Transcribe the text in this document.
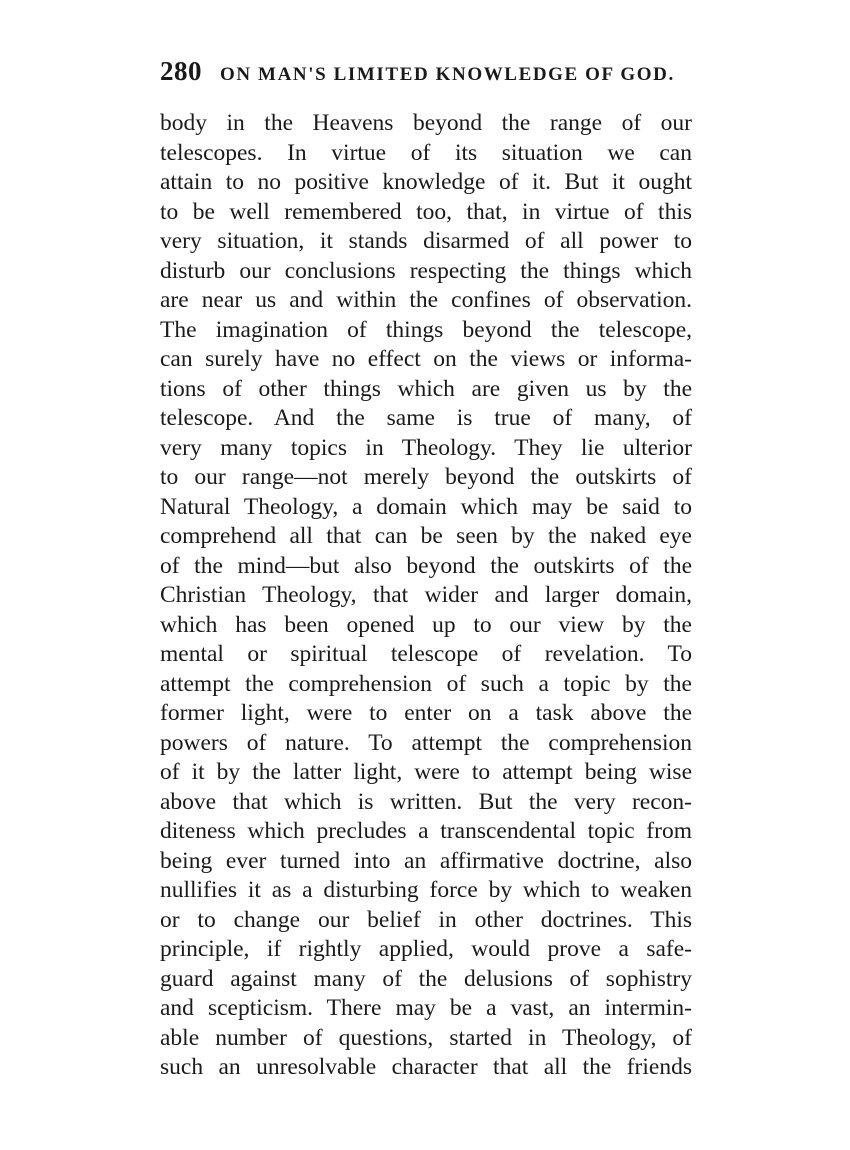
280 ON MAN'S LIMITED KNOWLEDGE OF GOD.
body in the Heavens beyond the range of our
telescopes. In virtue of its situation we can
attain to no positive knowledge of it. But it ought
to be well remembered too, that, in virtue of this
very situation, it stands disarmed of all power to
disturb our conclusions respecting the things which
are near us and within the confines of observation.
The imagination of things beyond the telescope,
can surely have no effect on the views or informa-
tions of other things which are given us by the
telescope. And the same is true of many, of
very many topics in Theology. They lie ulterior
to our range—not merely beyond the outskirts of
Natural Theology, a domain which may be said to
comprehend all that can be seen by the naked eye
of the mind—but also beyond the outskirts of the
Christian Theology, that wider and larger domain,
which has been opened up to our view by the
mental or spiritual telescope of revelation. To
attempt the comprehension of such a topic by the
former light, were to enter on a task above the
powers of nature. To attempt the comprehension
of it by the latter light, were to attempt being wise
above that which is written. But the very recon-
diteness which precludes a transcendental topic from
being ever turned into an affirmative doctrine, also
nullifies it as a disturbing force by which to weaken
or to change our belief in other doctrines. This
principle, if rightly applied, would prove a safe-
guard against many of the delusions of sophistry
and scepticism. There may be a vast, an intermin-
able number of questions, started in Theology, of
such an unresolvable character that all the friends
